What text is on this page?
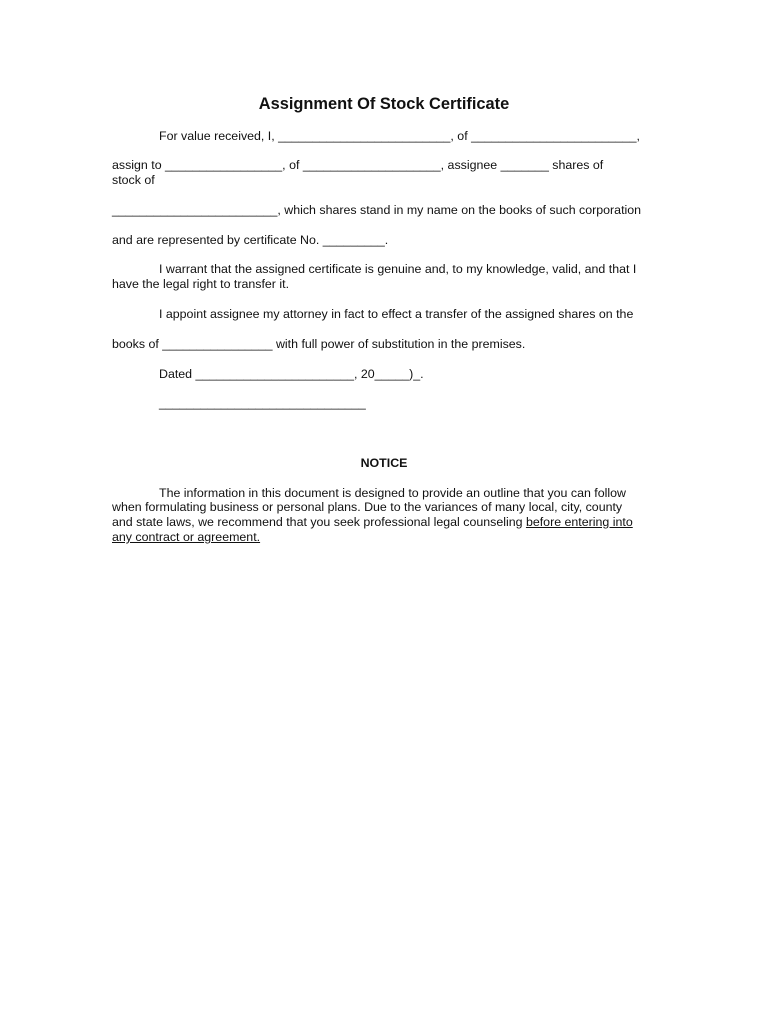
Assignment Of Stock Certificate
For value received, I, _________________________, of ________________________,
assign to _________________, of ____________________, assignee _______ shares of
stock of
________________________, which shares stand in my name on the books of such corporation
and are represented by certificate No. _________.
I warrant that the assigned certificate is genuine and, to my knowledge, valid, and that I
have the legal right to transfer it.
I appoint assignee my attorney in fact to effect a transfer of the assigned shares on the
books of ________________ with full power of substitution in the premises.
Dated _______________________, 20_____)_.
______________________________
NOTICE
The information in this document is designed to provide an outline that you can follow
when formulating business or personal plans. Due to the variances of many local, city, county
and state laws, we recommend that you seek professional legal counseling before entering into
any contract or agreement.
